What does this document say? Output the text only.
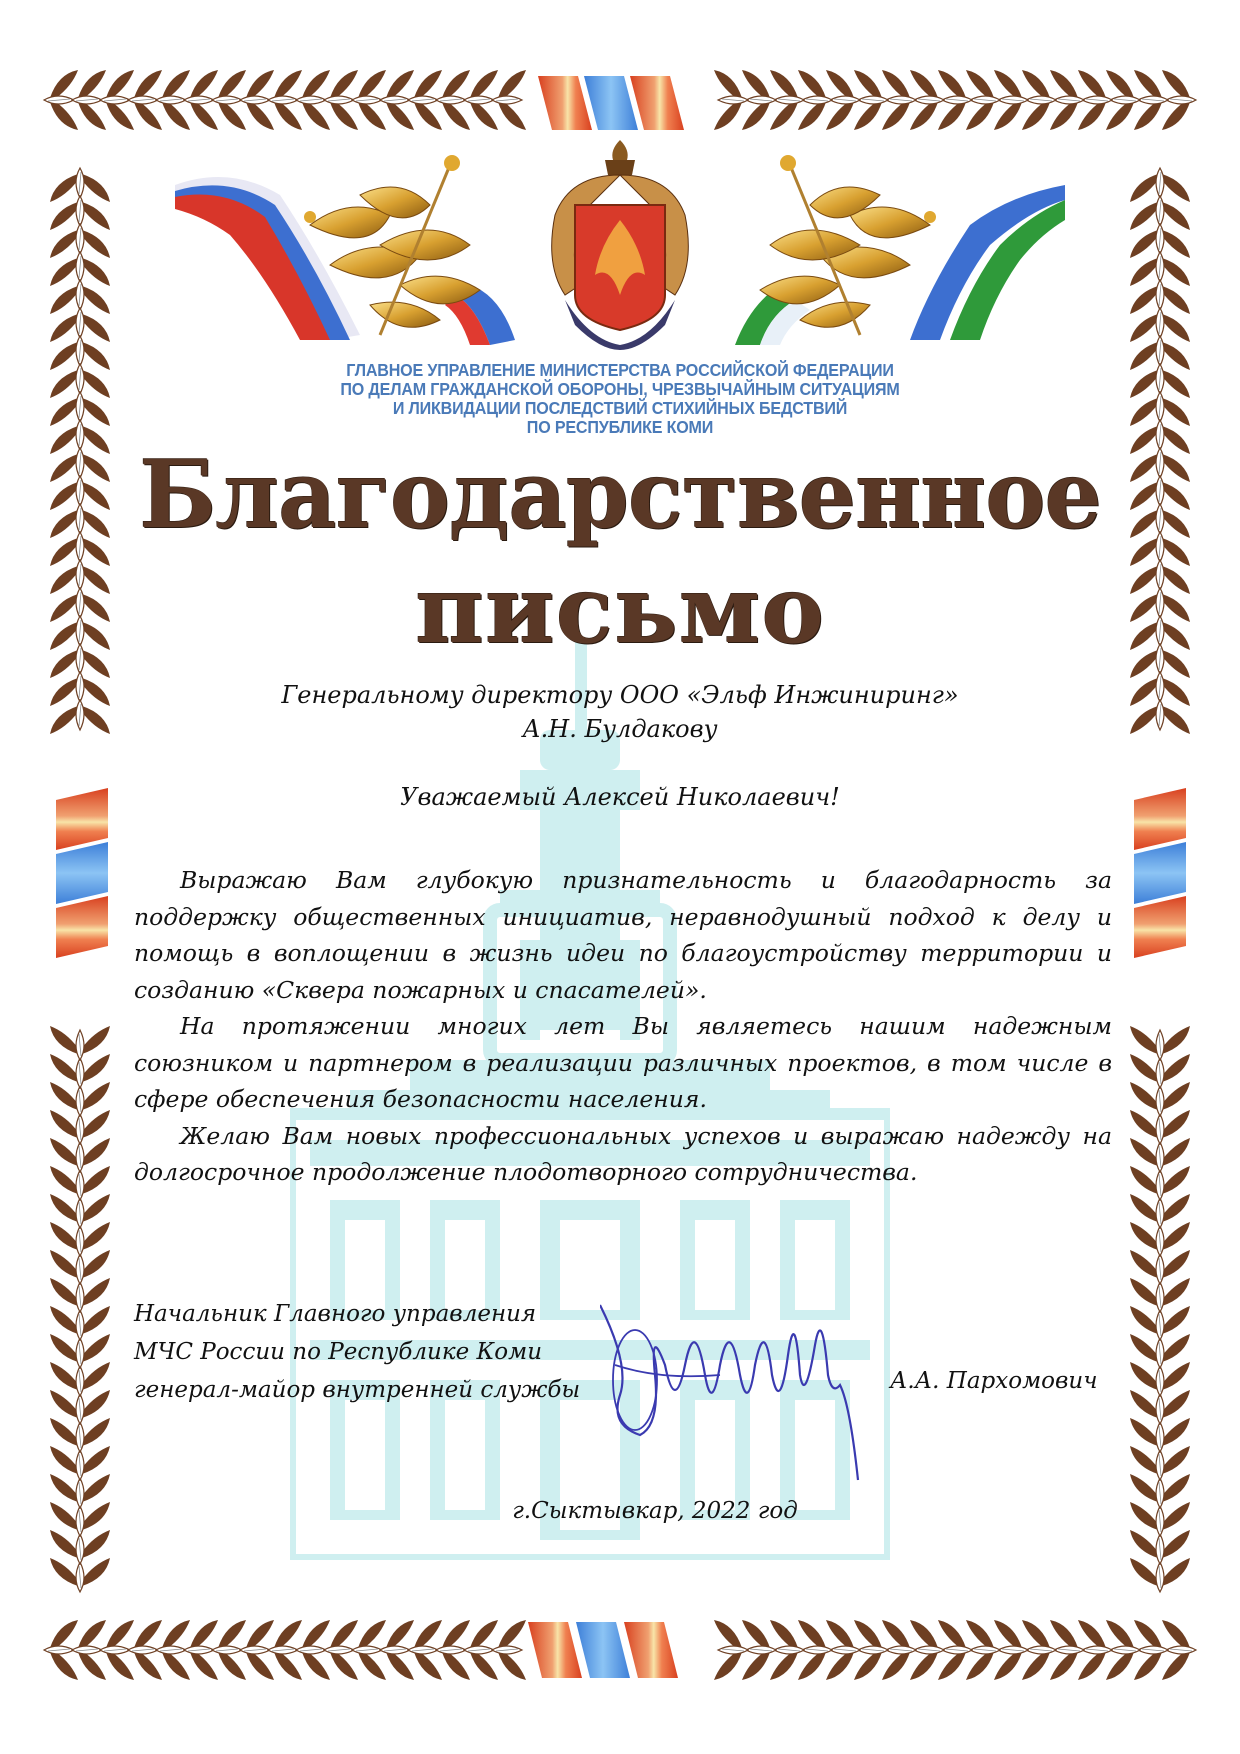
ГЛАВНОЕ УПРАВЛЕНИЕ МИНИСТЕРСТВА РОССИЙСКОЙ ФЕДЕРАЦИИ
ПО ДЕЛАМ ГРАЖДАНСКОЙ ОБОРОНЫ, ЧРЕЗВЫЧАЙНЫМ СИТУАЦИЯМ
И ЛИКВИДАЦИИ ПОСЛЕДСТВИЙ СТИХИЙНЫХ БЕДСТВИЙ
ПО РЕСПУБЛИКЕ КОМИ
Благодарственное
письмо
Генеральному директору ООО «Эльф Инжиниринг»
А.Н. Булдакову
Уважаемый Алексей Николаевич!

Выражаю Вам глубокую признательность и благодарность за поддержку общественных инициатив, неравнодушный подход к делу и помощь в воплощении в жизнь идеи по благоустройству территории и созданию «Сквера пожарных и спасателей».

На протяжении многих лет Вы являетесь нашим надежным союзником и партнером в реализации различных проектов, в том числе в сфере обеспечения безопасности населения.

Желаю Вам новых профессиональных успехов и выражаю надежду на долгосрочное продолжение плодотворного сотрудничества.

Начальник Главного управления
МЧС России по Республике Коми
генерал-майор внутренней службы	А.А. Пархомович
г.Сыктывкар, 2022 год
